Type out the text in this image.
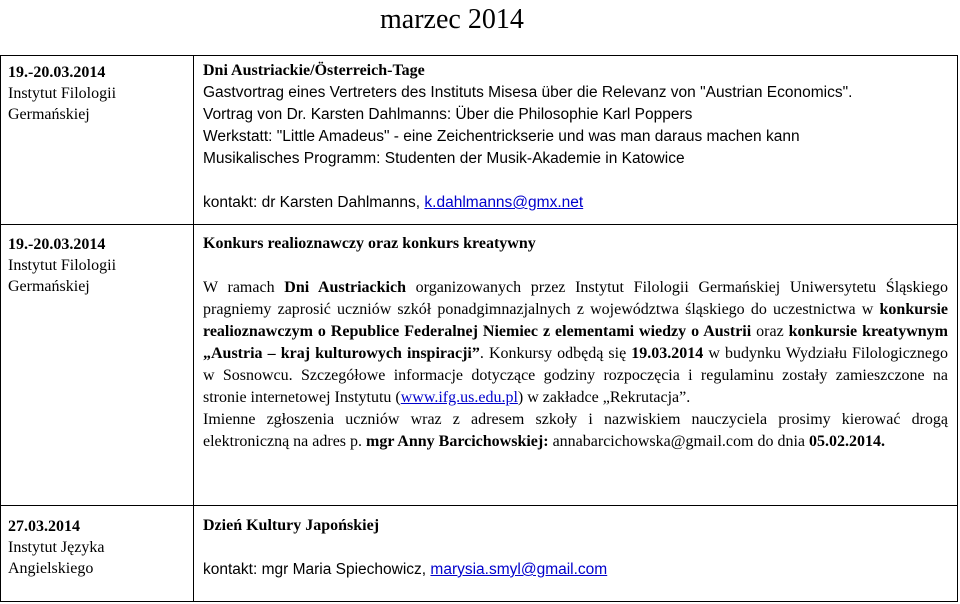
marzec 2014
19.-20.03.2014
Instytut Filologii
Germańskiej
Dni Austriackie/Österreich-Tage
Gastvortrag eines Vertreters des Instituts Misesa über die Relevanz von "Austrian Economics".
Vortrag von Dr. Karsten Dahlmanns: Über die Philosophie Karl Poppers
Werkstatt: "Little Amadeus" - eine Zeichentrickserie und was man daraus machen kann
Musikalisches Programm: Studenten der Musik-Akademie in Katowice
kontakt: dr Karsten Dahlmanns, k.dahlmanns@gmx.net
19.-20.03.2014
Instytut Filologii
Germańskiej
Konkurs realioznawczy oraz konkurs kreatywny
W ramach Dni Austriackich organizowanych przez Instytut Filologii Germańskiej Uniwersytetu Śląskiego pragniemy zaprosić uczniów szkół ponadgimnazjalnych z województwa śląskiego do uczestnictwa w konkursie realioznawczym o Republice Federalnej Niemiec z elementami wiedzy o Austrii oraz konkursie kreatywnym „Austria – kraj kulturowych inspiracji”. Konkursy odbędą się 19.03.2014 w budynku Wydziału Filologicznego w Sosnowcu. Szczegółowe informacje dotyczące godziny rozpoczęcia i regulaminu zostały zamieszczone na stronie internetowej Instytutu (www.ifg.us.edu.pl) w zakładce „Rekrutacja”.
Imienne zgłoszenia uczniów wraz z adresem szkoły i nazwiskiem nauczyciela prosimy kierować drogą elektroniczną na adres p. mgr Anny Barcichowskiej: annabarcichowska@gmail.com do dnia 05.02.2014.
27.03.2014
Instytut Języka
Angielskiego
Dzień Kultury Japońskiej
kontakt: mgr Maria Spiechowicz, marysia.smyl@gmail.com
